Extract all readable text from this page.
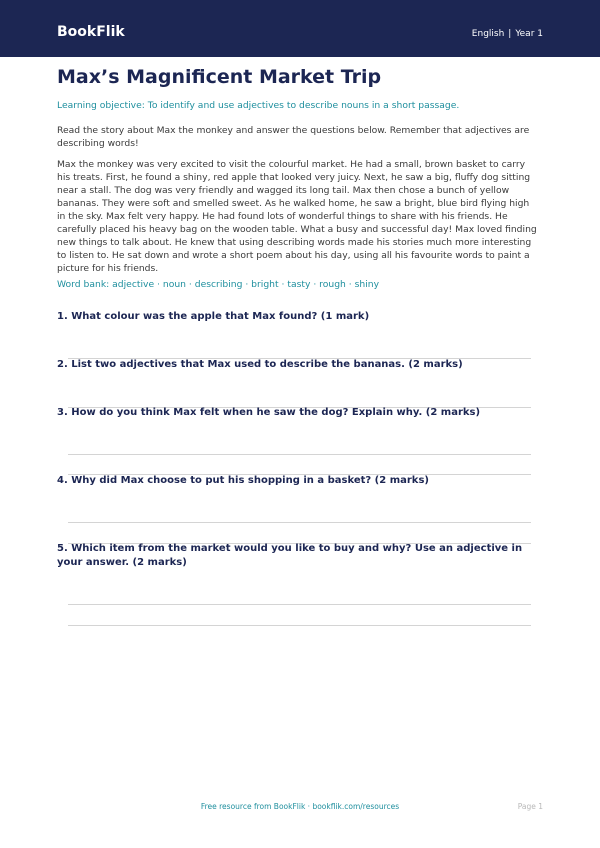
BookFlik	English | Year 1
Max’s Magnificent Market Trip
Learning objective: To identify and use adjectives to describe nouns in a short passage.
Read the story about Max the monkey and answer the questions below. Remember that adjectives are describing words!
Max the monkey was very excited to visit the colourful market. He had a small, brown basket to carry his treats. First, he found a shiny, red apple that looked very juicy. Next, he saw a big, fluffy dog sitting near a stall. The dog was very friendly and wagged its long tail. Max then chose a bunch of yellow bananas. They were soft and smelled sweet. As he walked home, he saw a bright, blue bird flying high in the sky. Max felt very happy. He had found lots of wonderful things to share with his friends. He carefully placed his heavy bag on the wooden table. What a busy and successful day! Max loved finding new things to talk about. He knew that using describing words made his stories much more interesting to listen to. He sat down and wrote a short poem about his day, using all his favourite words to paint a picture for his friends.
Word bank: adjective · noun · describing · bright · tasty · rough · shiny
1. What colour was the apple that Max found? (1 mark)
2. List two adjectives that Max used to describe the bananas. (2 marks)
3. How do you think Max felt when he saw the dog? Explain why. (2 marks)
4. Why did Max choose to put his shopping in a basket? (2 marks)
5. Which item from the market would you like to buy and why? Use an adjective in your answer. (2 marks)
Free resource from BookFlik · bookflik.com/resources	Page 1
